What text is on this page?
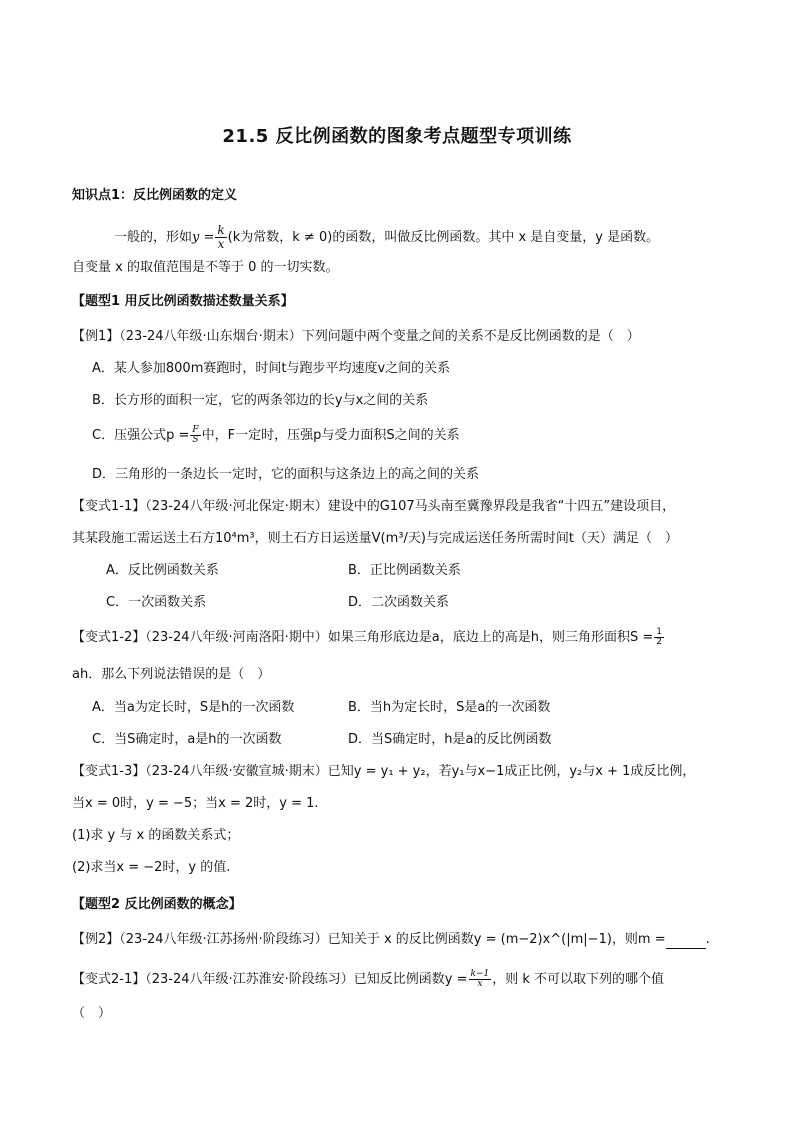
21.5 反比例函数的图象考点题型专项训练
知识点1：反比例函数的定义
一般的，形如$y = \frac{k}{x} (k$为常数，k ≠ 0)的函数，叫做反比例函数。其中 x 是自变量，y 是函数。
自变量 x 的取值范围是不等于 0 的一切实数。
【题型1 用反比例函数描述数量关系】
【例1】（23-24八年级·山东烟台·期末）下列问题中两个变量之间的关系不是反比例函数的是（　）
A．某人参加800m赛跑时，时间t与跑步平均速度v之间的关系
B．长方形的面积一定，它的两条邻边的长y与x之间的关系
C．压强公式$p = \frac{F}{S}$ 中，F一定时，压强p与受力面积S之间的关系
D．三角形的一条边长一定时，它的面积与这条边上的高之间的关系
【变式1-1】（23-24八年级·河北保定·期末）建设中的G107马头南至冀豫界段是我省“十四五”建设项目，
其某段施工需运送土石方10⁴m³，则土石方日运送量V(m³/天)与完成运送任务所需时间t（天）满足（　）
A．反比例函数关系	B．正比例函数关系
C．一次函数关系	D．二次函数关系
【变式1-2】（23-24八年级·河南洛阳·期中）如果三角形底边是a，底边上的高是h，则三角形面积$S = \frac{1}{2}$
ah．那么下列说法错误的是（　）
A．当a为定长时，S是h的一次函数	B．当h为定长时，S是a的一次函数
C．当S确定时，a是h的一次函数	D．当S确定时，h是a的反比例函数
【变式1-3】（23-24八年级·安徽宣城·期末）已知y = y₁ + y₂，若y₁与x−1成正比例，y₂与x + 1成反比例，
当x = 0时，y = −5；当x = 2时，y = 1.
(1)求 y 与 x 的函数关系式；
(2)求当x = −2时，y 的值.
【题型2 反比例函数的概念】
【例2】（23-24八年级·江苏扬州·阶段练习）已知关于 x 的反比例函数y = (m−2)x^(|m|−1)，则m =	.
【变式2-1】（23-24八年级·江苏淮安·阶段练习）已知反比例函数$y = \frac{k-1}{x}$ ，则 k 不可以取下列的哪个值
（　）
